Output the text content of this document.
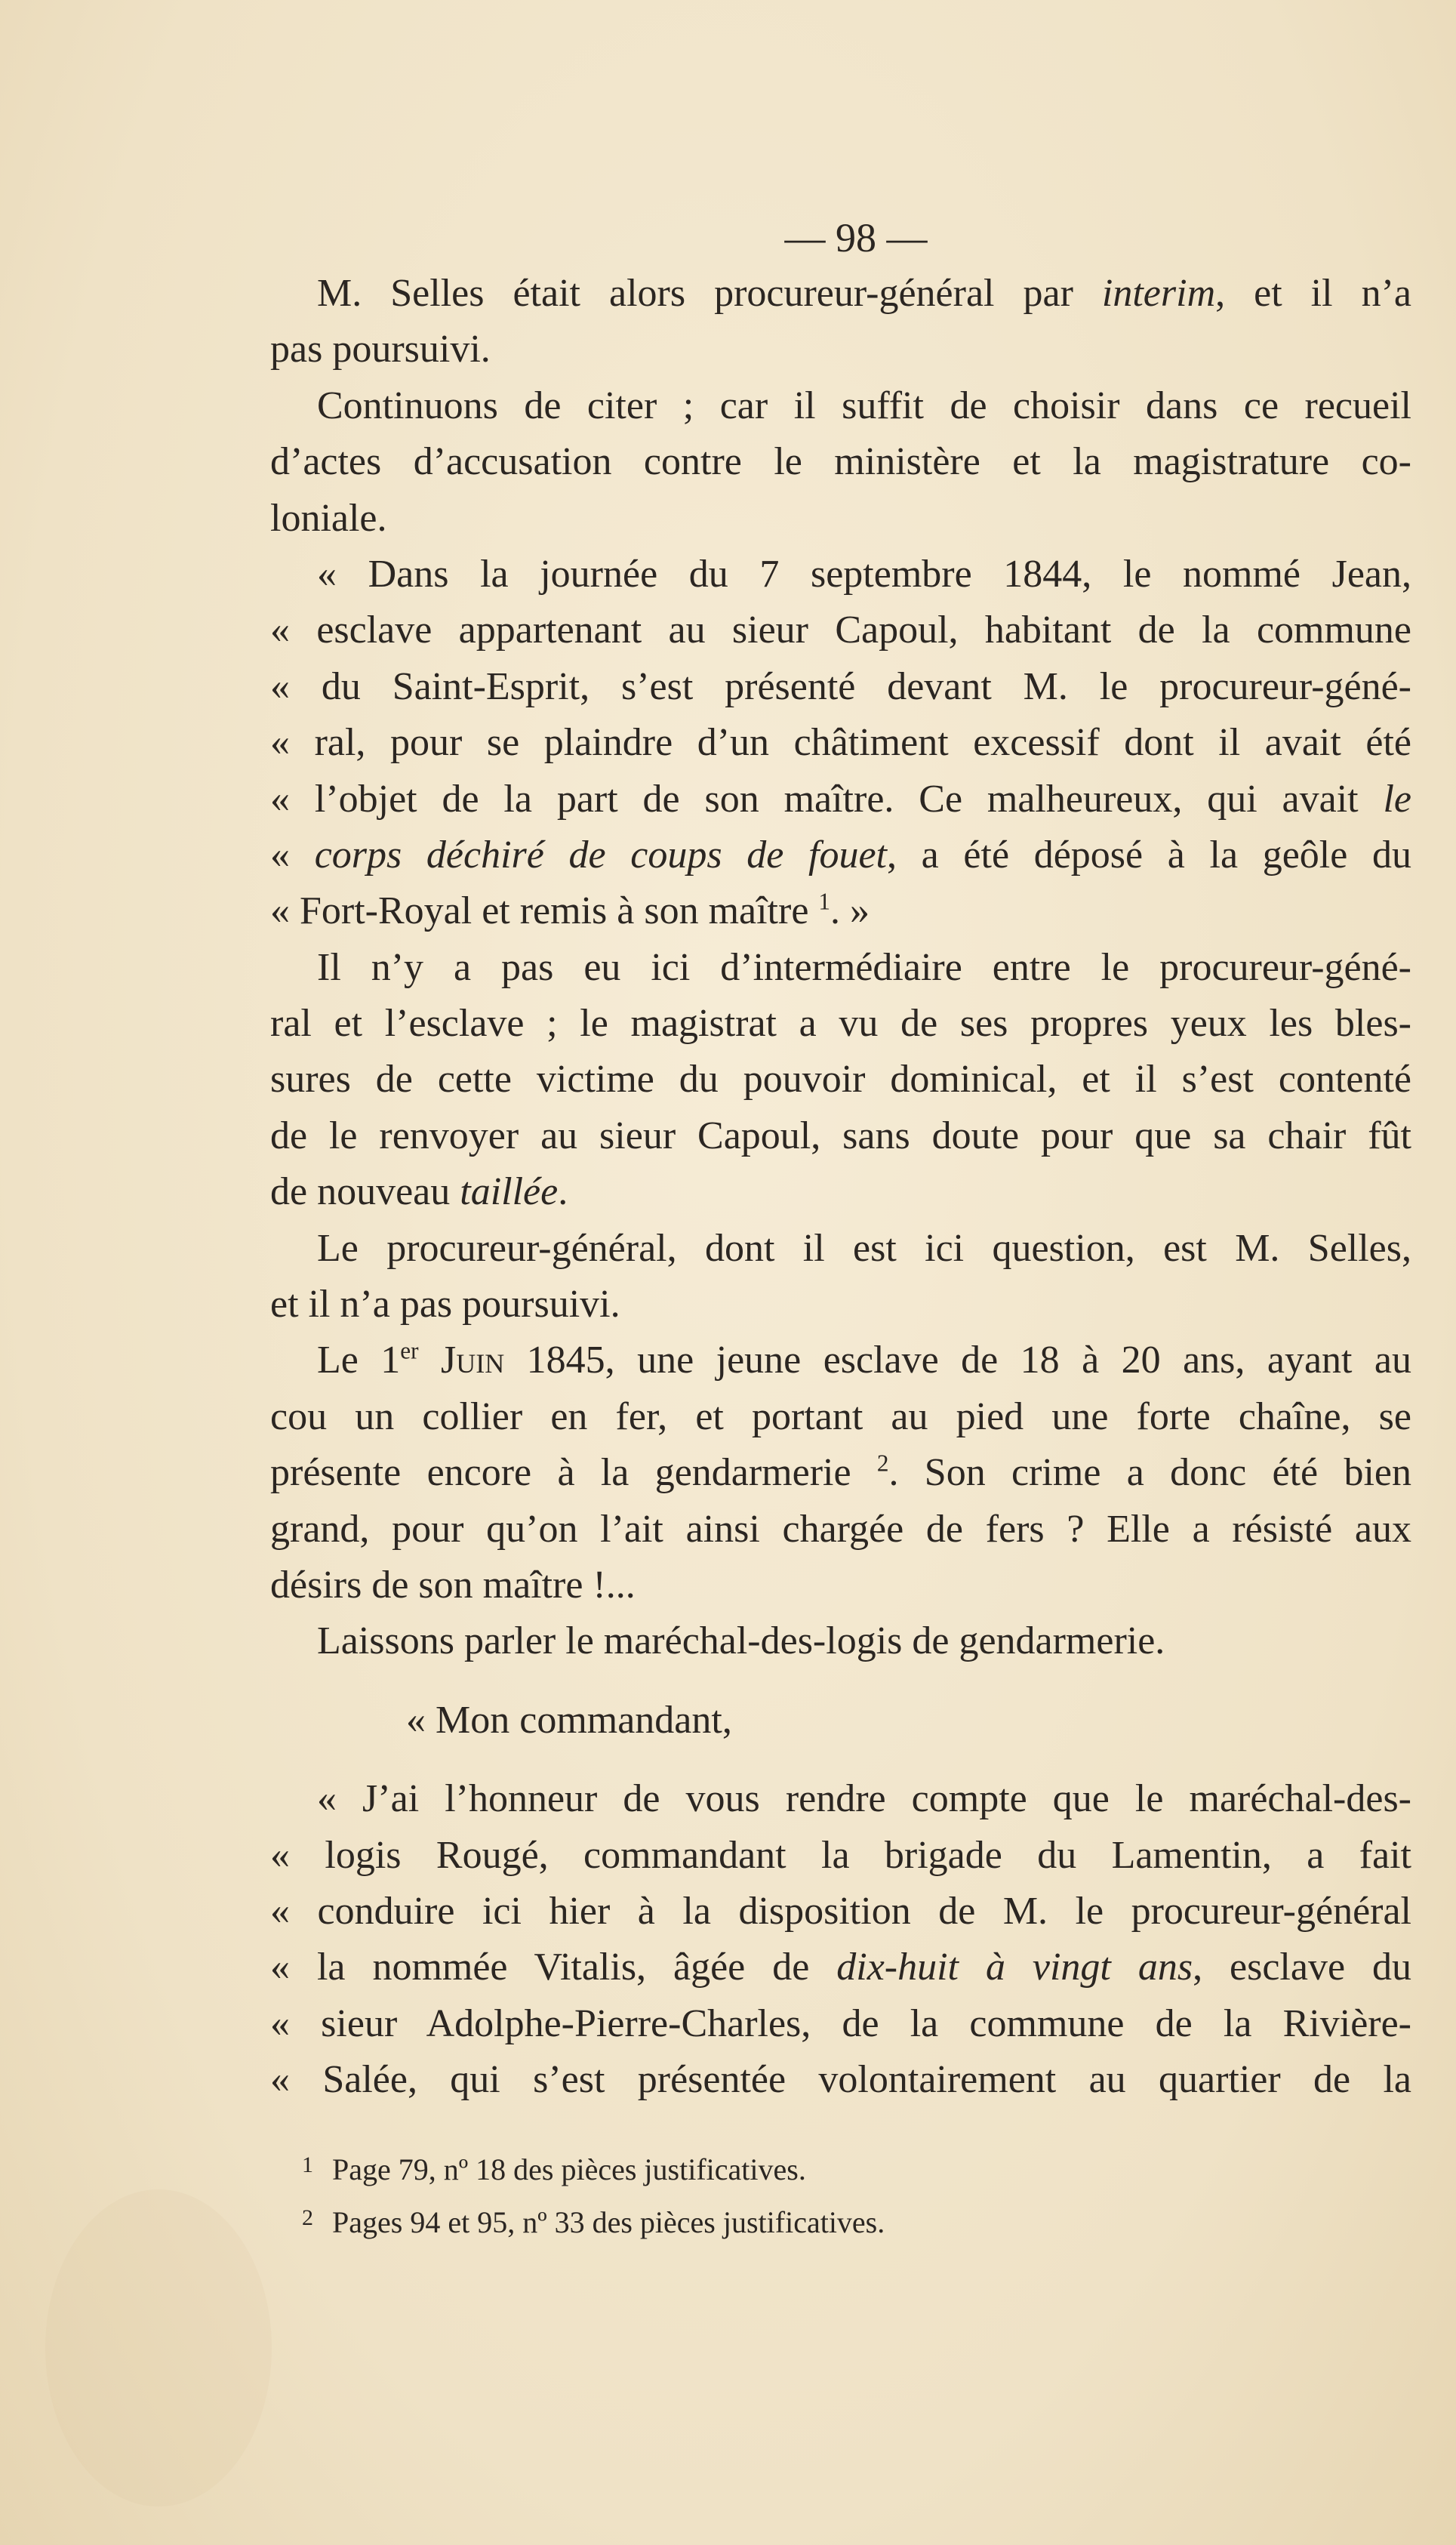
— 98 —
M. Selles était alors procureur-général par interim, et il n’a
pas poursuivi.
Continuons de citer ; car il suffit de choisir dans ce recueil
d’actes d’accusation contre le ministère et la magistrature co-
loniale.
« Dans la journée du 7 septembre 1844, le nommé Jean,
« esclave appartenant au sieur Capoul, habitant de la commune
« du Saint-Esprit, s’est présenté devant M. le procureur-géné-
« ral, pour se plaindre d’un châtiment excessif dont il avait été
« l’objet de la part de son maître. Ce malheureux, qui avait le
« corps déchiré de coups de fouet, a été déposé à la geôle du
« Fort-Royal et remis à son maître $^1$. »
Il n’y a pas eu ici d’intermédiaire entre le procureur-géné-
ral et l’esclave ; le magistrat a vu de ses propres yeux les bles-
sures de cette victime du pouvoir dominical, et il s’est contenté
de le renvoyer au sieur Capoul, sans doute pour que sa chair fût
de nouveau taillée.
Le procureur-général, dont il est ici question, est M. Selles,
et il n’a pas poursuivi.
Le 1er Juin 1845, une jeune esclave de 18 à 20 ans, ayant au
cou un collier en fer, et portant au pied une forte chaîne, se
présente encore à la gendarmerie $^2$. Son crime a donc été bien
grand, pour qu’on l’ait ainsi chargée de fers ? Elle a résisté aux
désirs de son maître !...
Laissons parler le maréchal-des-logis de gendarmerie.
« Mon commandant,
« J’ai l’honneur de vous rendre compte que le maréchal-des-
« logis Rougé, commandant la brigade du Lamentin, a fait
« conduire ici hier à la disposition de M. le procureur-général
« la nommée Vitalis, âgée de dix-huit à vingt ans, esclave du
« sieur Adolphe-Pierre-Charles, de la commune de la Rivière-
« Salée, qui s’est présentée volontairement au quartier de la
1 Page 79, nº 18 des pièces justificatives.
2 Pages 94 et 95, nº 33 des pièces justificatives.
